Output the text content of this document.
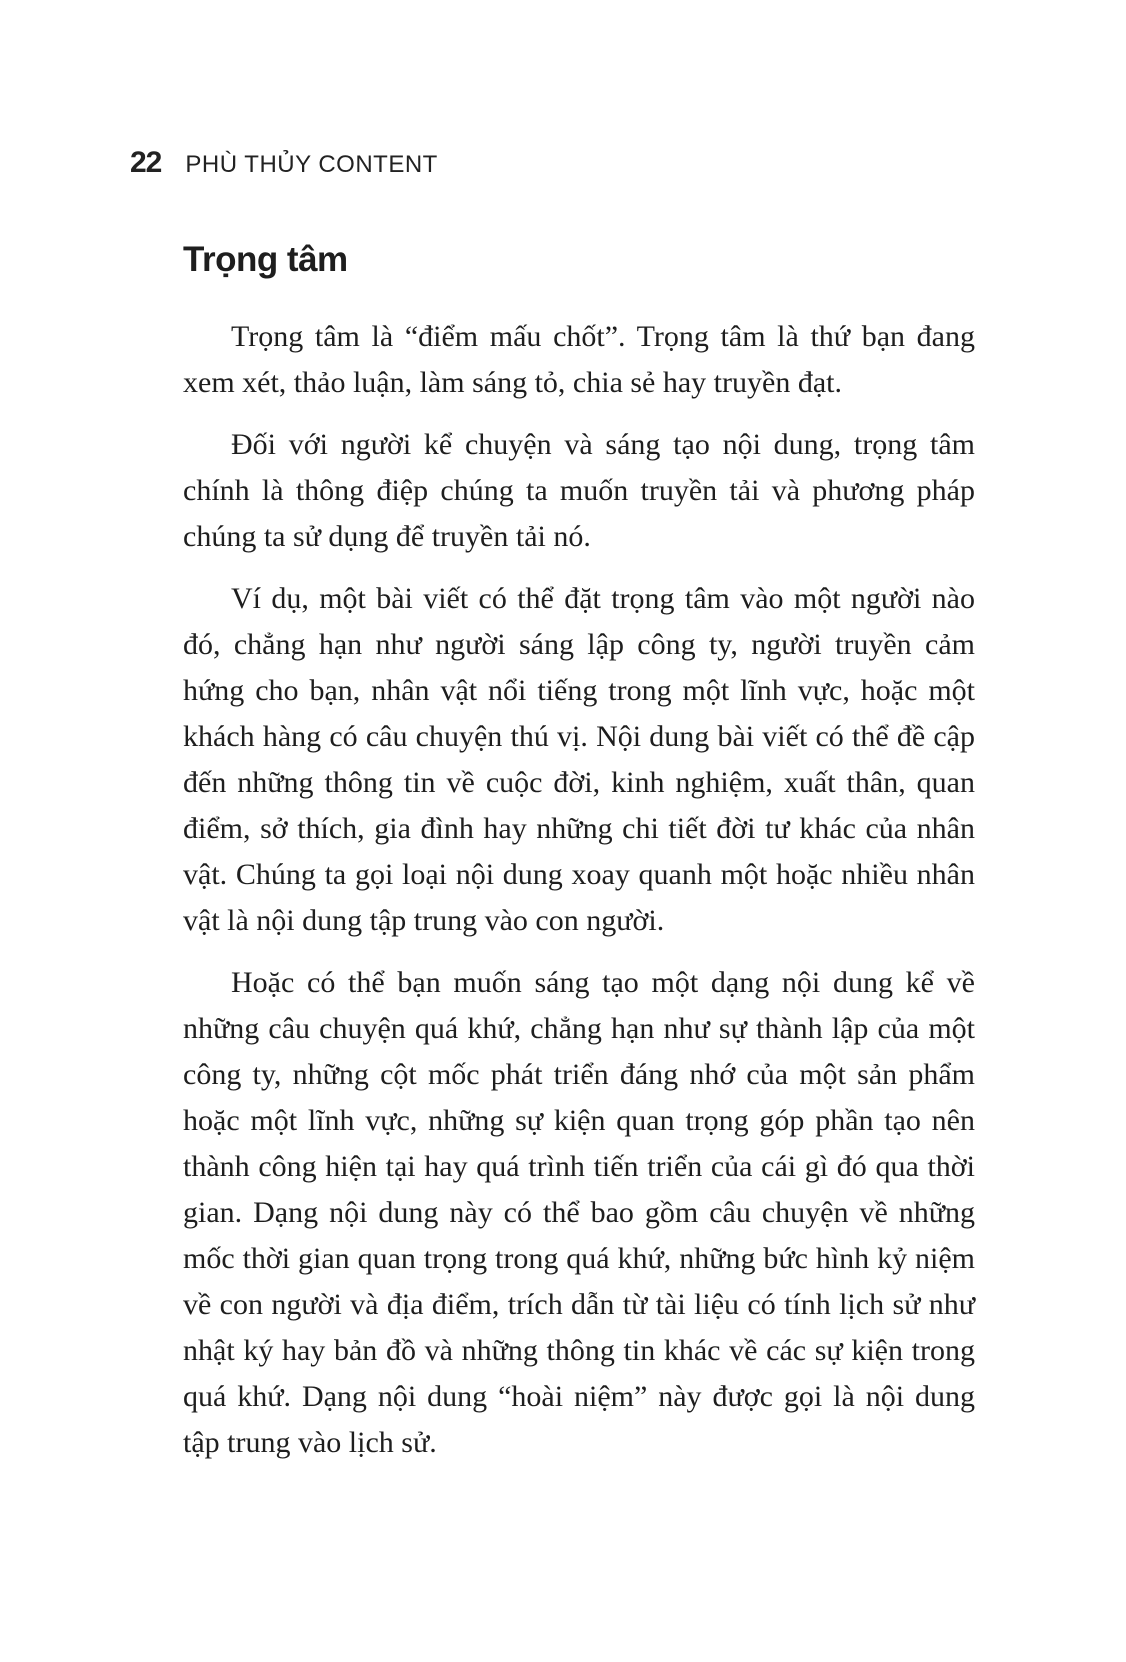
22 PHÙ THỦY CONTENT
Trọng tâm

Trọng tâm là “điểm mấu chốt”. Trọng tâm là thứ bạn đang xem xét, thảo luận, làm sáng tỏ, chia sẻ hay truyền đạt.

Đối với người kể chuyện và sáng tạo nội dung, trọng tâm chính là thông điệp chúng ta muốn truyền tải và phương pháp chúng ta sử dụng để truyền tải nó.

Ví dụ, một bài viết có thể đặt trọng tâm vào một người nào đó, chẳng hạn như người sáng lập công ty, người truyền cảm hứng cho bạn, nhân vật nổi tiếng trong một lĩnh vực, hoặc một khách hàng có câu chuyện thú vị. Nội dung bài viết có thể đề cập đến những thông tin về cuộc đời, kinh nghiệm, xuất thân, quan điểm, sở thích, gia đình hay những chi tiết đời tư khác của nhân vật. Chúng ta gọi loại nội dung xoay quanh một hoặc nhiều nhân vật là nội dung tập trung vào con người.

Hoặc có thể bạn muốn sáng tạo một dạng nội dung kể về những câu chuyện quá khứ, chẳng hạn như sự thành lập của một công ty, những cột mốc phát triển đáng nhớ của một sản phẩm hoặc một lĩnh vực, những sự kiện quan trọng góp phần tạo nên thành công hiện tại hay quá trình tiến triển của cái gì đó qua thời gian. Dạng nội dung này có thể bao gồm câu chuyện về những mốc thời gian quan trọng trong quá khứ, những bức hình kỷ niệm về con người và địa điểm, trích dẫn từ tài liệu có tính lịch sử như nhật ký hay bản đồ và những thông tin khác về các sự kiện trong quá khứ. Dạng nội dung “hoài niệm” này được gọi là nội dung tập trung vào lịch sử.
